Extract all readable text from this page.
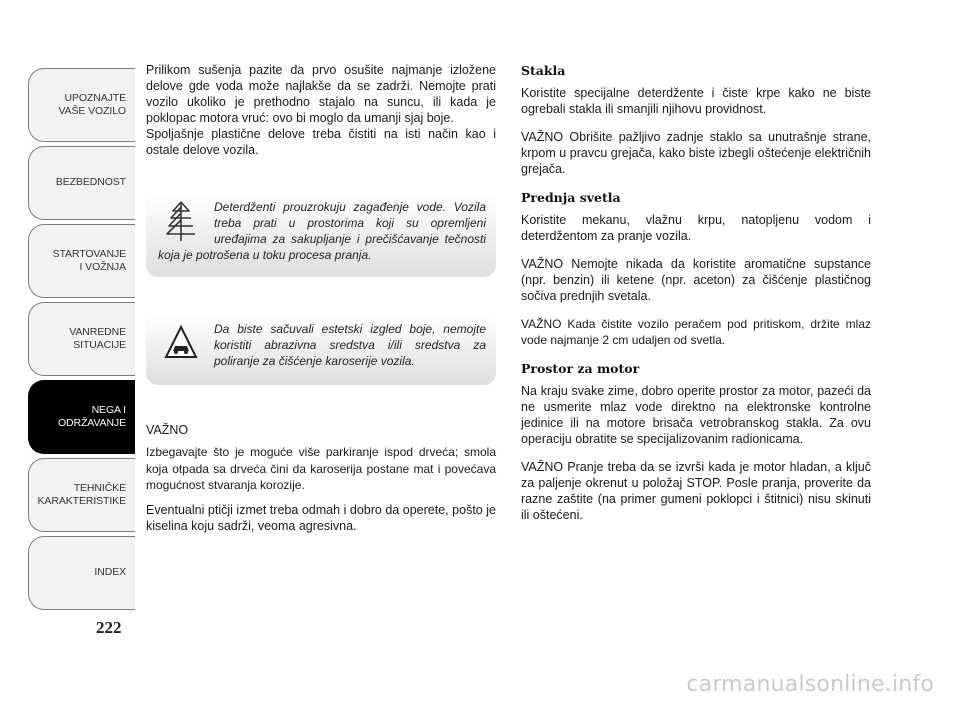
UPOZNAJTE
VAŠE VOZILO
BEZBEDNOST
STARTOVANJE
I VOŽNJA
VANREDNE
SITUACIJE
NEGA I
ODRŽAVANJE
TEHNIČKE
KARAKTERISTIKE
INDEX
222

Prilikom sušenja pazite da prvo osušite najmanje izložene delove gde voda može najlakše da se zadrži. Nemojte prati vozilo ukoliko je prethodno stajalo na suncu, ili kada je poklopac motora vruć: ovo bi moglo da umanji sjaj boje.

Spoljašnje plastične delove treba čistiti na isti način kao i ostale delove vozila.

Deterdženti prouzrokuju zagađenje vode. Vozila treba prati u prostorima koji su opremljeni uređajima za sakupljanje i prečišćavanje tečnosti koja je potrošena u toku procesa pranja.

Da biste sačuvali estetski izgled boje, nemojte koristiti abrazivna sredstva i/ili sredstva za poliranje za čišćenje karoserije vozila.

VAŽNO

Izbegavajte što je moguće više parkiranje ispod drveća; smola kojа otpada sa drveća čini da karoserija postane mat i povećava mogućnost stvaranja korozije.

Eventualni ptičji izmet treba odmah i dobro da operete, pošto je kiselina koju sadrži, veoma agresivna.

Stakla

Koristite specijalne deterdžente i čiste krpe kako ne biste ogrebali stakla ili smanjili njihovu providnost.

VAŽNO Obrišite pažljivo zadnje staklo sa unutrašnje strane, krpom u pravcu grejača, kako biste izbegli oštećenje električnih grejača.

Prednja svetla

Koristite mekanu, vlažnu krpu, natopljenu vodom i deterdžentom za pranje vozila.

VAŽNO Nemojte nikada da koristite aromatične supstance (npr. benzin) ili ketene (npr. aceton) za čišćenje plastičnog sočiva prednjih svetala.

VAŽNO Kada čistite vozilo peračem pod pritiskom, držite mlaz vode najmanje 2 cm udaljen od svetla.

Prostor za motor

Na kraju svake zime, dobro operite prostor za motor, pazeći da ne usmerite mlaz vode direktno na elektronske kontrolne jedinice ili na motore brisača vetrobranskog stakla. Za ovu operaciju obratite se specijalizovanim radionicama.

VAŽNO Pranje treba da se izvrši kada je motor hladan, a ključ za paljenje okrenut u položaj STOP. Posle pranja, proverite da razne zaštite (na primer gumeni poklopci i štitnici) nisu skinuti ili oštećeni.

carmanualsonline.info
